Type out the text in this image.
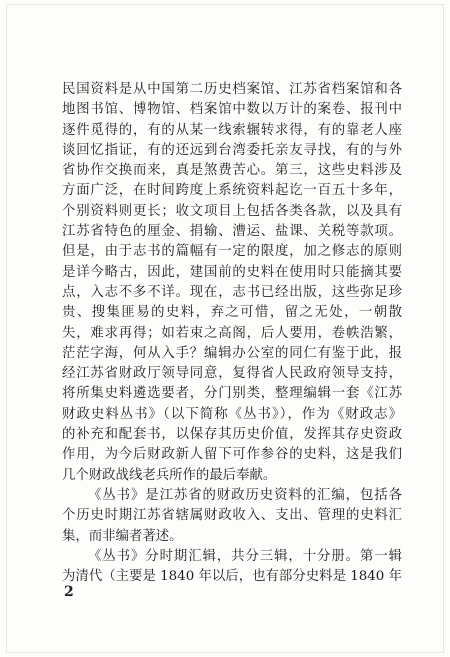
民国资料是从中国第二历史档案馆、江苏省档案馆和各
地图书馆、博物馆、档案馆中数以万计的案卷、报刊中
逐件觅得的，有的从某一线索辗转求得，有的靠老人座
谈回忆指证，有的还远到台湾委托亲友寻找，有的与外
省协作交换而来，真是煞费苦心。第三，这些史料涉及
方面广泛，在时间跨度上系统资料起讫一百五十多年，
个别资料则更长；收文项目上包括各类各款，以及具有
江苏省特色的厘金、捐输、漕运、盐课、关税等款项。
但是，由于志书的篇幅有一定的限度，加之修志的原则
是详今略古，因此，建国前的史料在使用时只能摘其要
点，入志不多不详。现在，志书已经出版，这些弥足珍
贵、搜集匪易的史料，弃之可惜，留之无处，一朝散
失，难求再得；如若束之高阁，后人要用，卷帙浩繁，
茫茫字海，何从入手？编辑办公室的同仁有鉴于此，报
经江苏省财政厅领导同意，复得省人民政府领导支持，
将所集史料遴选要者，分门别类，整理编辑一套《江苏
财政史料丛书》（以下简称《丛书》），作为《财政志》
的补充和配套书，以保存其历史价值，发挥其存史资政
作用，为今后财政新人留下可作参谷的史料，这是我们
几个财政战线老兵所作的最后奉献。
《丛书》是江苏省的财政历史资料的汇编，包括各
个历史时期江苏省辖属财政收入、支出、管理的史料汇
集，而非编者著述。
《丛书》分时期汇辑，共分三辑，十分册。第一辑
为清代（主要是 1840 年以后，也有部分史料是 1840 年
2
